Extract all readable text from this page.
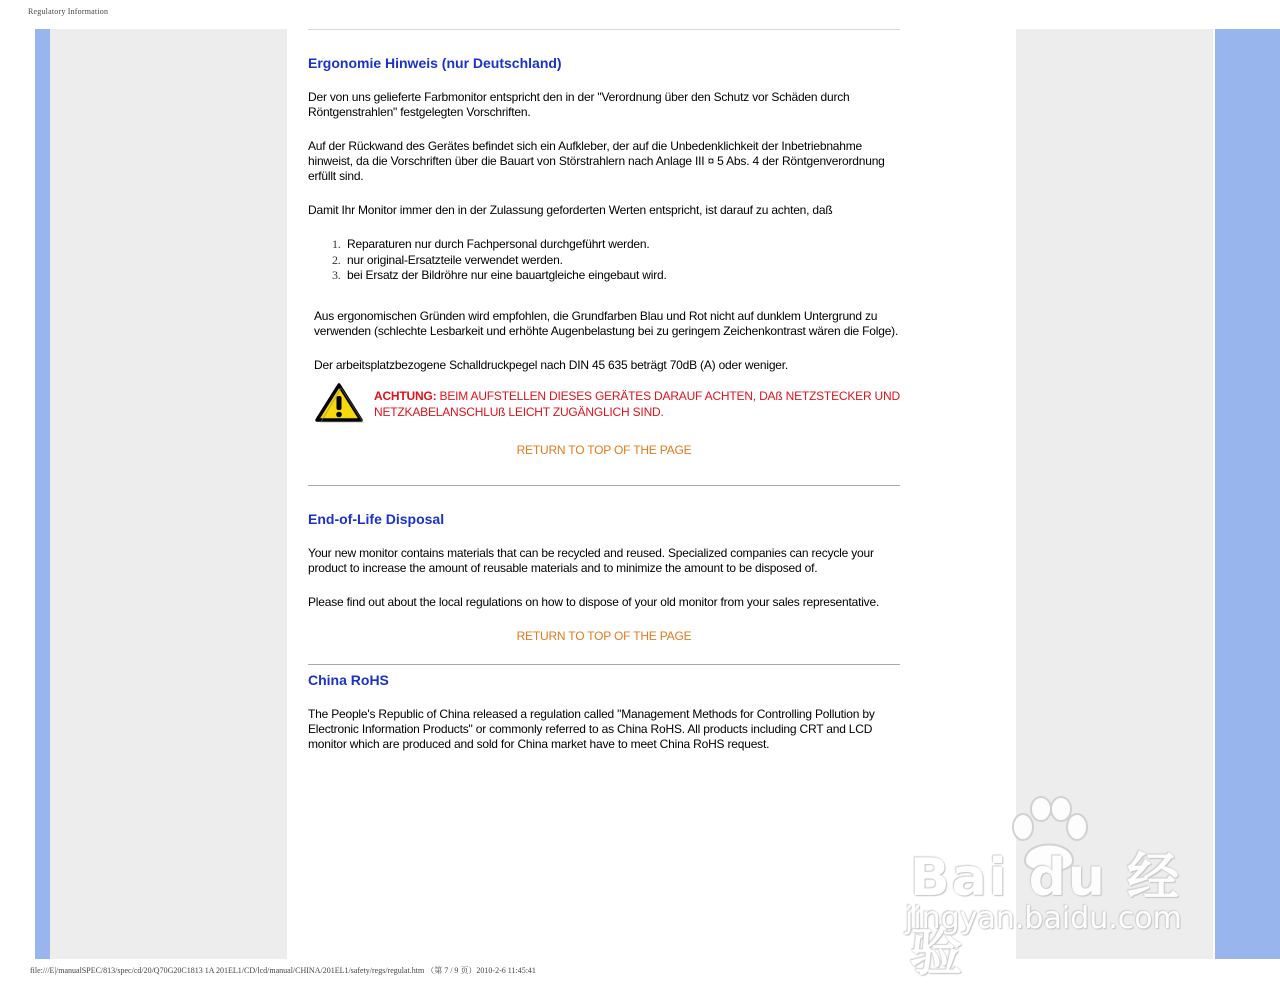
Regulatory Information
Ergonomie Hinweis (nur Deutschland)

Der von uns gelieferte Farbmonitor entspricht den in der "Verordnung über den Schutz vor Schäden durch Röntgenstrahlen" festgelegten Vorschriften.

Auf der Rückwand des Gerätes befindet sich ein Aufkleber, der auf die Unbedenklichkeit der Inbetriebnahme hinweist, da die Vorschriften über die Bauart von Störstrahlern nach Anlage III ¤ 5 Abs. 4 der Röntgenverordnung erfüllt sind.

Damit Ihr Monitor immer den in der Zulassung geforderten Werten entspricht, ist darauf zu achten, daß

1. Reparaturen nur durch Fachpersonal durchgeführt werden.
2. nur original-Ersatzteile verwendet werden.
3. bei Ersatz der Bildröhre nur eine bauartgleiche eingebaut wird.

Aus ergonomischen Gründen wird empfohlen, die Grundfarben Blau und Rot nicht auf dunklem Untergrund zu verwenden (schlechte Lesbarkeit und erhöhte Augenbelastung bei zu geringem Zeichenkontrast wären die Folge).

Der arbeitsplatzbezogene Schalldruckpegel nach DIN 45 635 beträgt 70dB (A) oder weniger.

ACHTUNG: BEIM AUFSTELLEN DIESES GERÄTES DARAUF ACHTEN, DAß NETZSTECKER UND NETZKABELANSCHLUß LEICHT ZUGÄNGLICH SIND.
RETURN TO TOP OF THE PAGE
End-of-Life Disposal

Your new monitor contains materials that can be recycled and reused. Specialized companies can recycle your product to increase the amount of reusable materials and to minimize the amount to be disposed of.

Please find out about the local regulations on how to dispose of your old monitor from your sales representative.

RETURN TO TOP OF THE PAGE
China RoHS

The People's Republic of China released a regulation called "Management Methods for Controlling Pollution by Electronic Information Products" or commonly referred to as China RoHS. All products including CRT and LCD monitor which are produced and sold for China market have to meet China RoHS request.

Bai du 经验
jingyan.baidu.com
file:///E|/manualSPEC/813/spec/cd/20/Q70G20C1813 1A 201EL1/CD/lcd/manual/CHINA/201EL1/safety/regs/regulat.htm （第 7 / 9 页）2010-2-6 11:45:41
